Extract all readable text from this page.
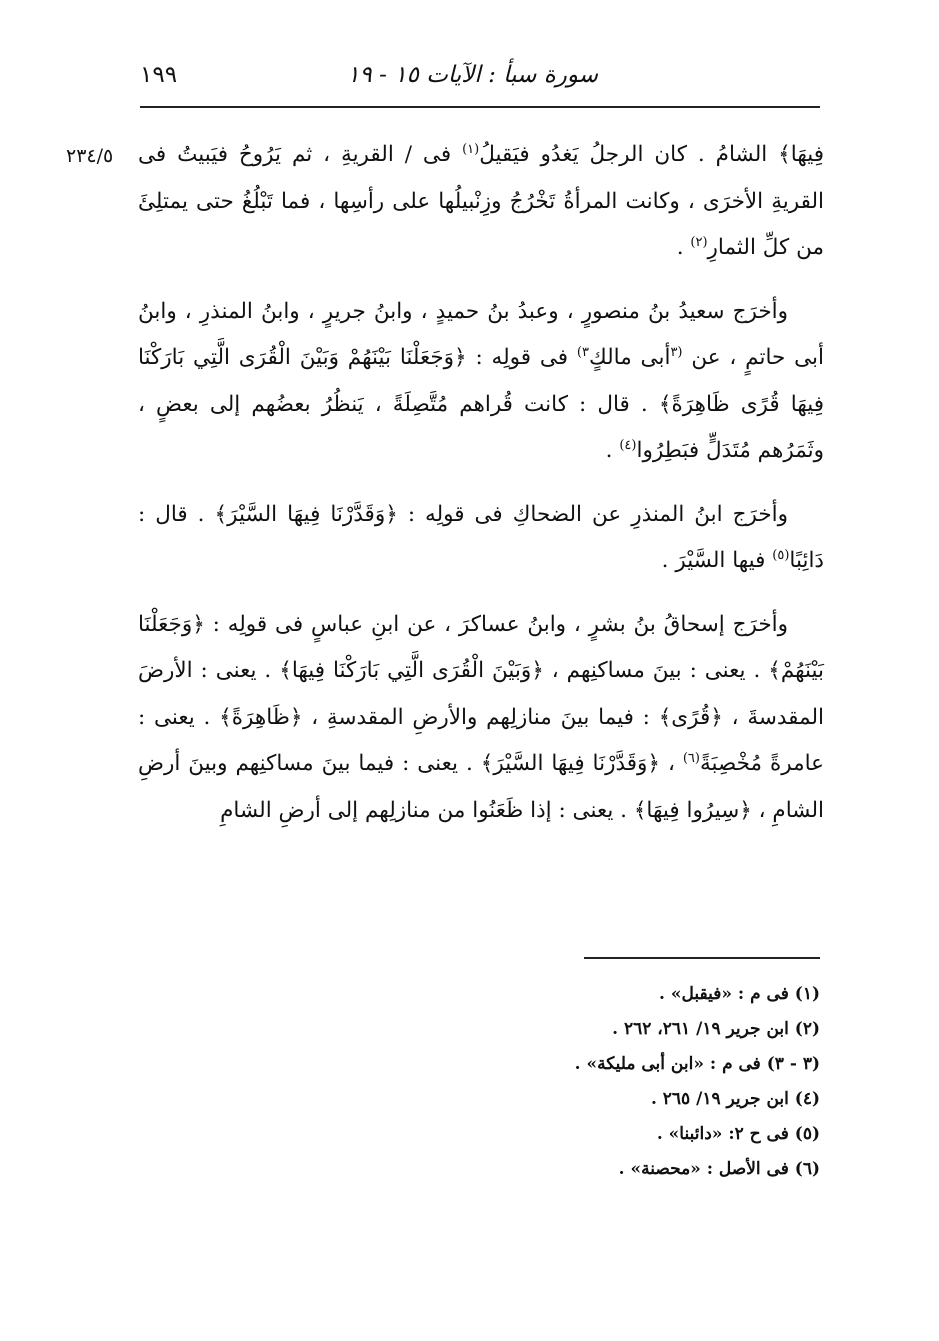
سورة سبأ : الآيات ١٥ - ١٩
١٩٩
٢٣٤/٥	فِيهَا﴾ الشامُ . كان الرجلُ يَغدُو فيَقيلُ$^{(١)}$ فى / القريةِ ، ثم يَرُوحُ فيَبيتُ فى القريةِ الأخرَى ، وكانت المرأةُ تَخْرُجُ وزِنْبيلُها على رأسِها ، فما تَبْلُغُ حتى يمتلِئَ من كلِّ الثمارِ$^{(٢)}$ .

وأخرَج سعيدُ بنُ منصورٍ ، وعبدُ بنُ حميدٍ ، وابنُ جريرٍ ، وابنُ المنذرِ ، وابنُ أبى حاتمٍ ، عن $^{(٣}$أبى مالكٍ$^{٣)}$ فى قولِه : ﴿وَجَعَلْنَا بَيْنَهُمْ وَبَيْنَ الْقُرَى الَّتِي بَارَكْنَا فِيهَا قُرًى ظَاهِرَةً﴾ . قال : كانت قُراهم مُتَّصِلَةً ، يَنظُرُ بعضُهم إلى بعضٍ ، وثَمَرُهم مُتَدَلٍّ فبَطِرُوا$^{(٤)}$ .

وأخرَج ابنُ المنذرِ عن الضحاكِ فى قولِه : ﴿وَقَدَّرْنَا فِيهَا السَّيْرَ﴾ . قال : دَائِبًا$^{(٥)}$ فيها السَّيْرَ .

وأخرَج إسحاقُ بنُ بشرٍ ، وابنُ عساكرَ ، عن ابنِ عباسٍ فى قولِه : ﴿وَجَعَلْنَا بَيْنَهُمْ﴾ . يعنى : بينَ مساكنِهم ، ﴿وَبَيْنَ الْقُرَى الَّتِي بَارَكْنَا فِيهَا﴾ . يعنى : الأرضَ المقدسةَ ، ﴿قُرًى﴾ : فيما بينَ منازلِهم والأرضِ المقدسةِ ، ﴿ظَاهِرَةً﴾ . يعنى : عامرةً مُخْصِبَةً$^{(٦)}$ ، ﴿وَقَدَّرْنَا فِيهَا السَّيْرَ﴾ . يعنى : فيما بينَ مساكنِهم وبينَ أرضِ الشامِ ، ﴿سِيرُوا فِيهَا﴾ . يعنى : إذا ظَعَنُوا من منازلِهم إلى أرضِ الشامِ

(١) فى م : «فيقبل» .
(٢) ابن جرير ١٩/ ٢٦١، ٢٦٢ .
(٣ - ٣) فى م : «ابن أبى مليكة» .
(٤) ابن جرير ١٩/ ٢٦٥ .
(٥) فى ح ٢: «دائبنا» .
(٦) فى الأصل : «محصنة» .
